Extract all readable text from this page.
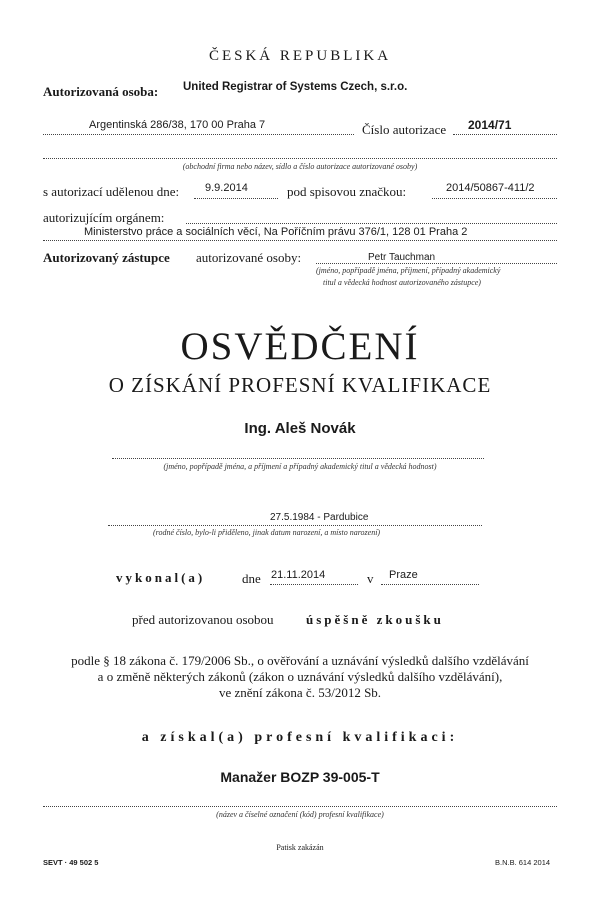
ČESKÁ REPUBLIKA
Autorizovaná osoba: United Registrar of Systems Czech, s.r.o.
Argentinská 286/38, 170 00 Praha 7	Číslo autorizace 2014/71
(obchodní firma nebo název, sídlo a číslo autorizace autorizované osoby)
s autorizací udělenou dne: 9.9.2014	pod spisovou značkou:	2014/50867-411/2
autorizujícím orgánem:
Ministerstvo práce a sociálních věcí, Na Poříčním právu 376/1, 128 01 Praha 2
Autorizovaný zástupce autorizované osoby:	Petr Tauchman
(jméno, popřípadě jména, příjmení, případný akademický
titul a vědecká hodnost autorizovaného zástupce)
OSVĚDČENÍ
O ZÍSKÁNÍ PROFESNÍ KVALIFIKACE
Ing. Aleš Novák
(jméno, popřípadě jména, a příjmení a případný akademický titul a vědecká hodnost)
27.5.1984 - Pardubice
(rodné číslo, bylo-li přiděleno, jinak datum narození, a místo narození)
vykonal(a)	dne 21.11.2014	v Praze
před autorizovanou osobou úspěšně zkoušku
podle § 18 zákona č. 179/2006 Sb., o ověřování a uznávání výsledků dalšího vzdělávání
a o změně některých zákonů (zákon o uznávání výsledků dalšího vzdělávání),
ve znění zákona č. 53/2012 Sb.
a získal(a) profesní kvalifikaci:
Manažer BOZP 39-005-T
(název a číselné označení (kód) profesní kvalifikace)
Patisk zakázán
SEVT · 49 502 5	B.N.B. 614 2014
